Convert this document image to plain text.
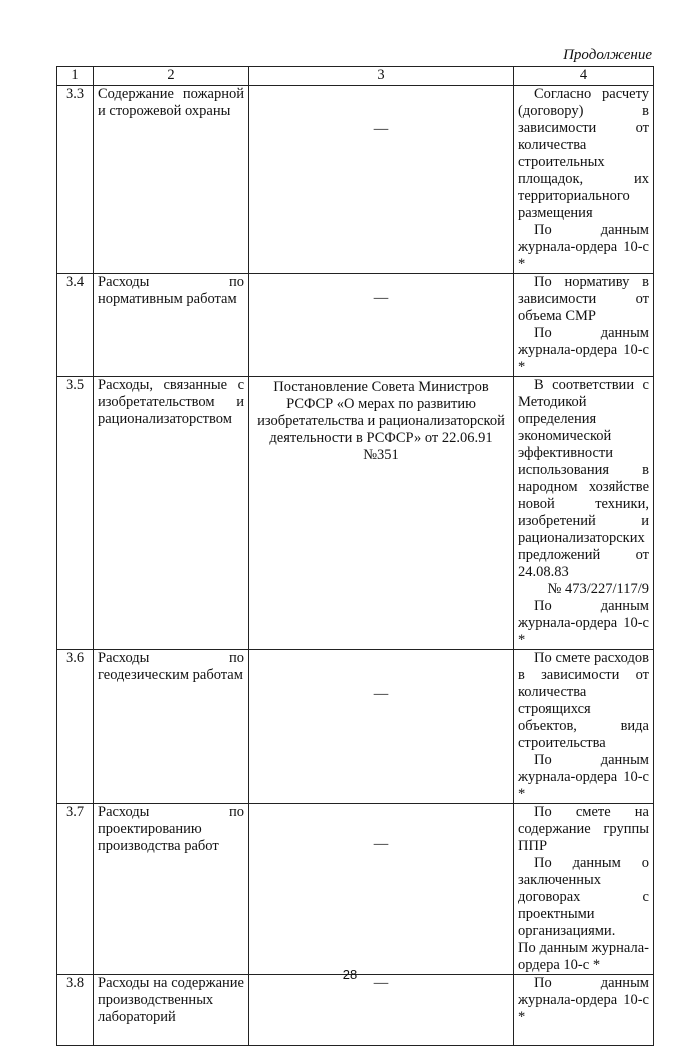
Продолжение
1	2	3	4
3.3	Содержание пожарной и сторожевой охраны	—	Согласно расчету (договору) в зависимости от количества строительных площадок, их территориального размещения

По данным журнала-ордера 10-с *

3.4	Расходы по нормативным работам	—	По нормативу в зависимости от объема СМР

По данным журнала-ордера 10-с *

3.5	Расходы, связанные с изобретательством и рационализаторством	Постановление Совета Министров РСФСР «О мерах по развитию изобретательства и рационализаторской деятельности в РСФСР» от 22.06.91 №351	В соответствии с Методикой определения экономической эффективности использования в народном хозяйстве новой техники, изобретений и рационализаторских предложений от 24.08.83

№ 473/227/117/9

По данным журнала-ордера 10-с *

3.6	Расходы по геодезическим работам	—	По смете расходов в зависимости от количества строящихся объектов, вида строительства

По данным журнала-ордера 10-с *

3.7	Расходы по проектированию производства работ	—	По смете на содержание группы ППР

По данным о заключенных договорах с проектными организациями.

По данным журнала-ордера 10-с *

3.8	Расходы на содержание производственных лабораторий	—	По данным журнала-ордера 10-с *

28
